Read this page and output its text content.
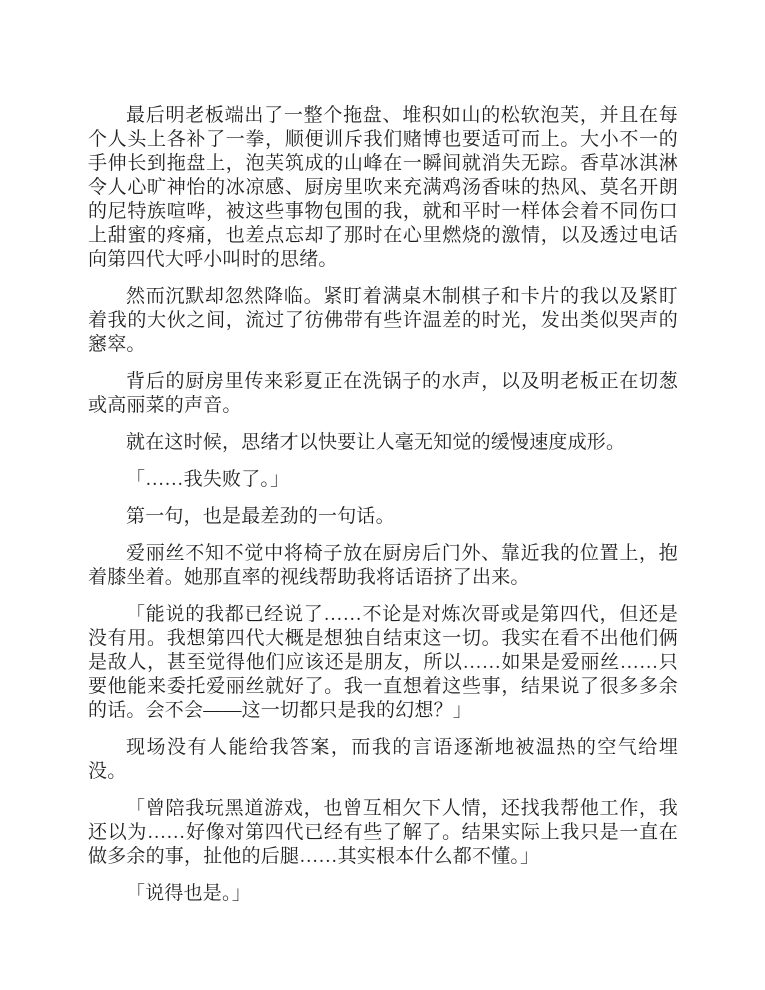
最后明老板端出了一整个拖盘、堆积如山的松软泡芙，并且在每个人头上各补了一拳，顺便训斥我们赌博也要适可而上。大小不一的手伸长到拖盘上，泡芙筑成的山峰在一瞬间就消失无踪。香草冰淇淋令人心旷神怡的冰凉感、厨房里吹来充满鸡汤香味的热风、莫名开朗的尼特族喧哗，被这些事物包围的我，就和平时一样体会着不同伤口上甜蜜的疼痛，也差点忘却了那时在心里燃烧的激情，以及透过电话向第四代大呼小叫时的思绪。

然而沉默却忽然降临。紧盯着满桌木制棋子和卡片的我以及紧盯着我的大伙之间，流过了彷佛带有些许温差的时光，发出类似哭声的窸窣。

背后的厨房里传来彩夏正在洗锅子的水声，以及明老板正在切葱或高丽菜的声音。

就在这时候，思绪才以快要让人毫无知觉的缓慢速度成形。

「……我失败了。」

第一句，也是最差劲的一句话。

爱丽丝不知不觉中将椅子放在厨房后门外、靠近我的位置上，抱着膝坐着。她那直率的视线帮助我将话语挤了出来。

「能说的我都已经说了……不论是对炼次哥或是第四代，但还是没有用。我想第四代大概是想独自结束这一切。我实在看不出他们俩是敌人，甚至觉得他们应该还是朋友，所以……如果是爱丽丝……只要他能来委托爱丽丝就好了。我一直想着这些事，结果说了很多多余的话。会不会——这一切都只是我的幻想？」

现场没有人能给我答案，而我的言语逐渐地被温热的空气给埋没。

「曾陪我玩黑道游戏，也曾互相欠下人情，还找我帮他工作，我还以为……好像对第四代已经有些了解了。结果实际上我只是一直在做多余的事，扯他的后腿……其实根本什么都不懂。」

「说得也是。」
